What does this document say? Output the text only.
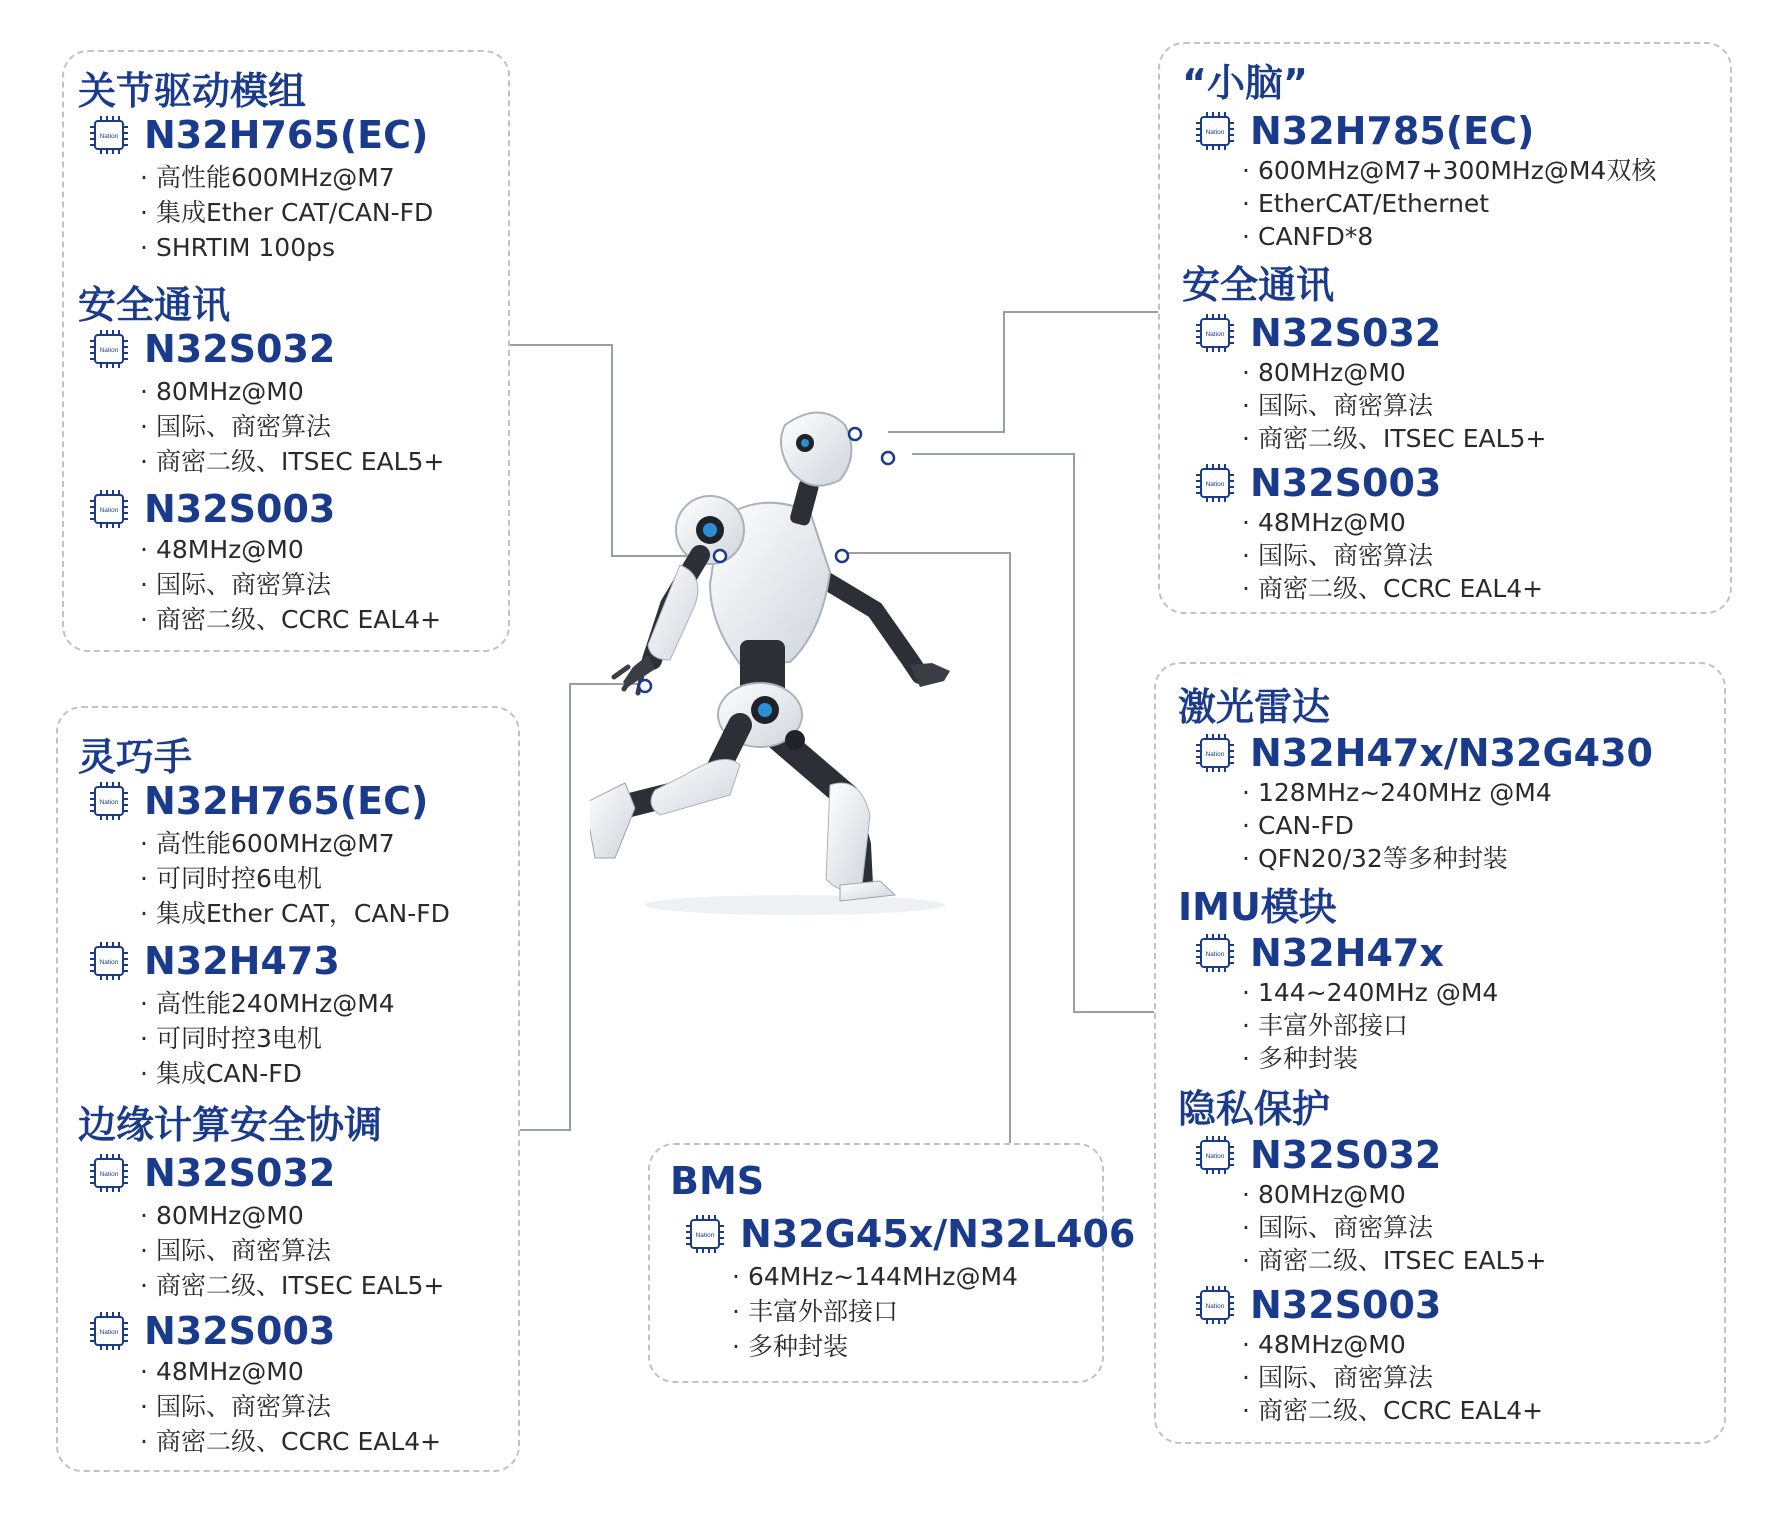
关节驱动模组
N32H765(EC)
· 高性能600MHz@M7
· 集成Ether CAT/CAN-FD
· SHRTIM 100ps
安全通讯
N32S032
· 80MHz@M0
· 国际、商密算法
· 商密二级、ITSEC EAL5+
N32S003
· 48MHz@M0
· 国际、商密算法
· 商密二级、CCRC EAL4+
灵巧手
N32H765(EC)
· 高性能600MHz@M7
· 可同时控6电机
· 集成Ether CAT，CAN-FD
N32H473
· 高性能240MHz@M4
· 可同时控3电机
· 集成CAN-FD
边缘计算安全协调
N32S032
· 80MHz@M0
· 国际、商密算法
· 商密二级、ITSEC EAL5+
N32S003
· 48MHz@M0
· 国际、商密算法
· 商密二级、CCRC EAL4+
“小脑”
N32H785(EC)
· 600MHz@M7+300MHz@M4双核
· EtherCAT/Ethernet
· CANFD*8
安全通讯
N32S032
· 80MHz@M0
· 国际、商密算法
· 商密二级、ITSEC EAL5+
N32S003
· 48MHz@M0
· 国际、商密算法
· 商密二级、CCRC EAL4+
激光雷达
N32H47x/N32G430
· 128MHz~240MHz @M4
· CAN-FD
· QFN20/32等多种封装
IMU模块
N32H47x
· 144~240MHz @M4
· 丰富外部接口
· 多种封装
隐私保护
N32S032
· 80MHz@M0
· 国际、商密算法
· 商密二级、ITSEC EAL5+
N32S003
· 48MHz@M0
· 国际、商密算法
· 商密二级、CCRC EAL4+
BMS
N32G45x/N32L406
· 64MHz~144MHz@M4
· 丰富外部接口
· 多种封装
